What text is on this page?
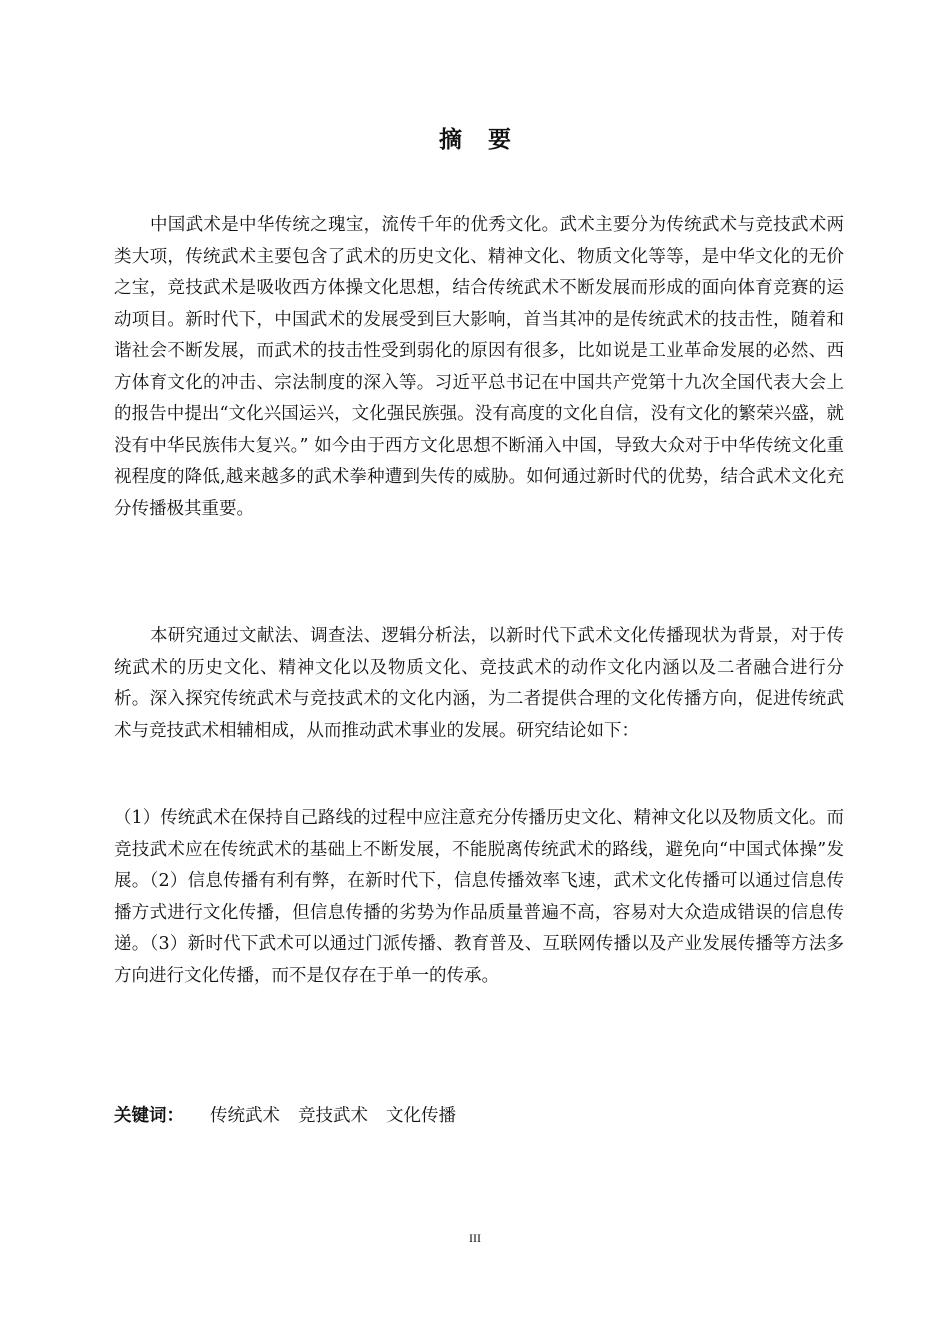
摘要
中国武术是中华传统之瑰宝，流传千年的优秀文化。武术主要分为传统武术与竞技武术两类大项，传统武术主要包含了武术的历史文化、精神文化、物质文化等等，是中华文化的无价之宝，竞技武术是吸收西方体操文化思想，结合传统武术不断发展而形成的面向体育竞赛的运动项目。新时代下，中国武术的发展受到巨大影响，首当其冲的是传统武术的技击性，随着和谐社会不断发展，而武术的技击性受到弱化的原因有很多，比如说是工业革命发展的必然、西方体育文化的冲击、宗法制度的深入等。习近平总书记在中国共产党第十九次全国代表大会上的报告中提出“文化兴国运兴，文化强民族强。没有高度的文化自信，没有文化的繁荣兴盛，就没有中华民族伟大复兴。” 如今由于西方文化思想不断涌入中国，导致大众对于中华传统文化重视程度的降低,越来越多的武术拳种遭到失传的威胁。如何通过新时代的优势，结合武术文化充分传播极其重要。
本研究通过文献法、调查法、逻辑分析法，以新时代下武术文化传播现状为背景，对于传统武术的历史文化、精神文化以及物质文化、竞技武术的动作文化内涵以及二者融合进行分析。深入探究传统武术与竞技武术的文化内涵，为二者提供合理的文化传播方向，促进传统武术与竞技武术相辅相成，从而推动武术事业的发展。研究结论如下：
（1）传统武术在保持自己路线的过程中应注意充分传播历史文化、精神文化以及物质文化。而竞技武术应在传统武术的基础上不断发展，不能脱离传统武术的路线，避免向“中国式体操”发展。（2）信息传播有利有弊，在新时代下，信息传播效率飞速，武术文化传播可以通过信息传播方式进行文化传播，但信息传播的劣势为作品质量普遍不高，容易对大众造成错误的信息传递。（3）新时代下武术可以通过门派传播、教育普及、互联网传播以及产业发展传播等方法多方向进行文化传播，而不是仅存在于单一的传承。
关键词： 传统武术 竞技武术 文化传播
III
